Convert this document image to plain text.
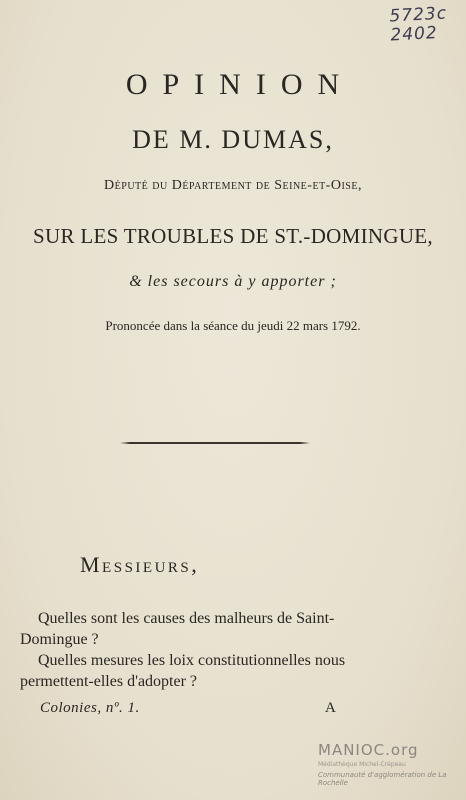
5723c
2402
OPINION
DE M. DUMAS,
Député du Département de Seine-et-Oise,
SUR LES TROUBLES DE ST.-DOMINGUE,
& les secours à y apporter ;
Prononcée dans la séance du jeudi 22 mars 1792.
Messieurs,

Quelles sont les causes des malheurs de Saint-

Domingue ?

Quelles mesures les loix constitutionnelles nous

permettent-elles d'adopter ?

Colonies, nº. 1.	A
MANIOC.org
Médiathèque Michel-Crépeau
Communauté d'agglomération de La Rochelle
